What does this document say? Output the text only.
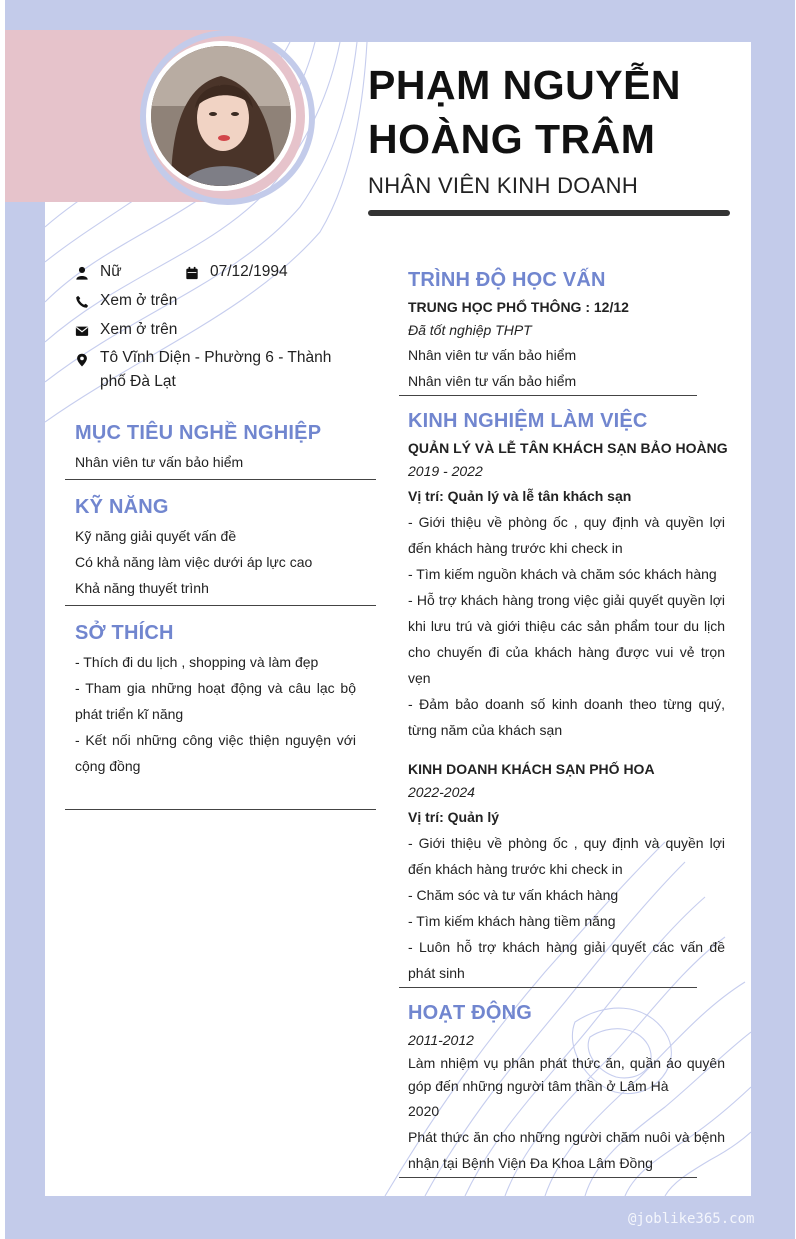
PHẠM NGUYỄN
HOÀNG TRÂM
NHÂN VIÊN KINH DOANH
Nữ	07/12/1994
Xem ở trên
Xem ở trên
Tô Vĩnh Diện - Phường 6 - Thành
phố Đà Lạt
MỤC TIÊU NGHỀ NGHIỆP
Nhân viên tư vấn bảo hiểm
KỸ NĂNG
Kỹ năng giải quyết vấn đề
Có khả năng làm việc dưới áp lực cao
Khả năng thuyết trình
SỞ THÍCH
- Thích đi du lịch , shopping và làm đẹp
- Tham gia những hoạt động và câu lạc bộ phát triển kĩ năng
- Kết nối những công việc thiện nguyện với cộng đồng
TRÌNH ĐỘ HỌC VẤN
TRUNG HỌC PHỔ THÔNG : 12/12
Đã tốt nghiệp THPT
Nhân viên tư vấn bảo hiểm
Nhân viên tư vấn bảo hiểm
KINH NGHIỆM LÀM VIỆC
QUẢN LÝ VÀ LỄ TÂN KHÁCH SẠN BẢO HOÀNG
2019 - 2022
Vị trí: Quản lý và lễ tân khách sạn
- Giới thiệu về phòng ốc , quy định và quyền lợi đến khách hàng trước khi check in
- Tìm kiếm nguồn khách và chăm sóc khách hàng
- Hỗ trợ khách hàng trong việc giải quyết quyền lợi khi lưu trú và giới thiệu các sản phẩm tour du lịch cho chuyến đi của khách hàng được vui vẻ trọn vẹn
- Đảm bảo doanh số kinh doanh theo từng quý, từng năm của khách sạn
KINH DOANH KHÁCH SẠN PHỐ HOA
2022-2024
Vị trí: Quản lý
- Giới thiệu về phòng ốc , quy định và quyền lợi đến khách hàng trước khi check in
- Chăm sóc và tư vấn khách hàng
- Tìm kiếm khách hàng tiềm năng
- Luôn hỗ trợ khách hàng giải quyết các vấn đề phát sinh
HOẠT ĐỘNG
2011-2012
Làm nhiệm vụ phân phát thức ăn, quần áo quyên góp đến những người tâm thần ở Lâm Hà
2020
Phát thức ăn cho những người chăm nuôi và bệnh nhận tại Bệnh Viện Đa Khoa Lâm Đồng
@joblike365.com
